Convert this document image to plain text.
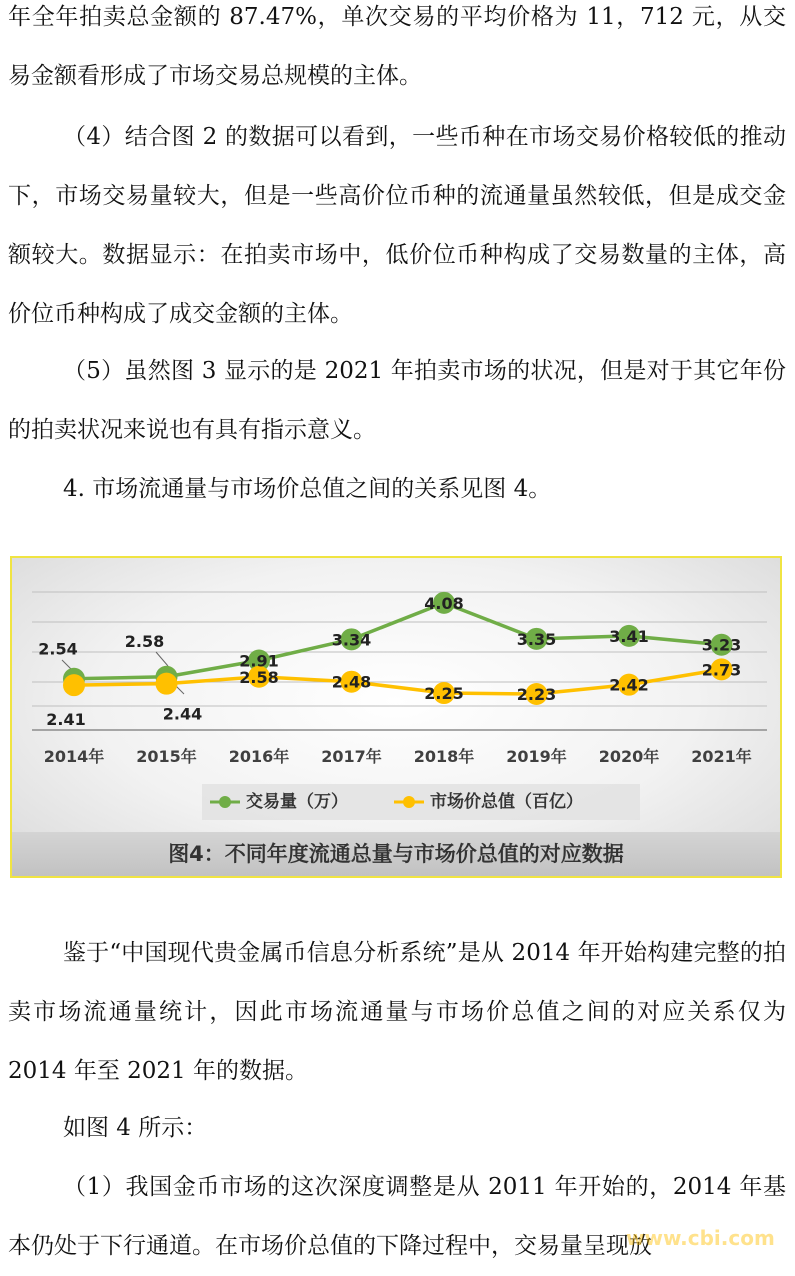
年全年拍卖总金额的 87.47%，单次交易的平均价格为 11，712 元，从交易金额看形成了市场交易总规模的主体。

（4）结合图 2 的数据可以看到，一些币种在市场交易价格较低的推动下，市场交易量较大，但是一些高价位币种的流通量虽然较低，但是成交金额较大。数据显示：在拍卖市场中，低价位币种构成了交易数量的主体，高价位币种构成了成交金额的主体。

（5）虽然图 3 显示的是 2021 年拍卖市场的状况，但是对于其它年份的拍卖状况来说也有具有指示意义。

4. 市场流通量与市场价总值之间的关系见图 4。

2014年 2015年 2016年 2017年 2018年 2019年 2020年 2021年
2.54	2.58
2.91
3.34
4.08
3.35	3.41	3.23
2.41	2.44
2.58	2.48
2.25	2.23	2.42
2.73
交易量（万）	市场价总值（百亿）
图4：不同年度流通总量与市场价总值的对应数据

鉴于“中国现代贵金属币信息分析系统”是从 2014 年开始构建完整的拍卖市场流通量统计，因此市场流通量与市场价总值之间的对应关系仅为 2014 年至 2021 年的数据。

如图 4 所示：

（1）我国金币市场的这次深度调整是从 2011 年开始的，2014 年基本仍处于下行通道。在市场价总值的下降过程中，交易量呈现放

www.cbi.com
